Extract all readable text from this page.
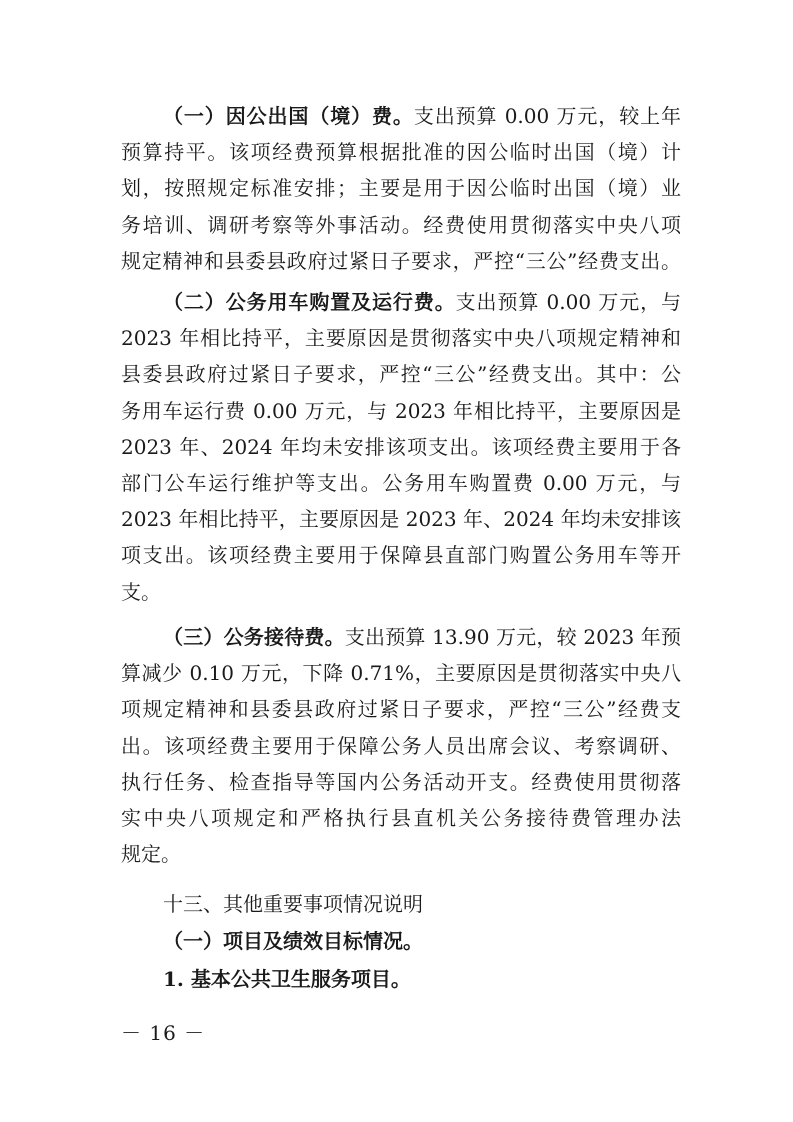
（一）因公出国（境）费。支出预算 0.00 万元，较上年
预算持平。该项经费预算根据批准的因公临时出国（境）计
划，按照规定标准安排；主要是用于因公临时出国（境）业
务培训、调研考察等外事活动。经费使用贯彻落实中央八项
规定精神和县委县政府过紧日子要求，严控“三公”经费支出。
（二）公务用车购置及运行费。支出预算 0.00 万元，与
2023 年相比持平，主要原因是贯彻落实中央八项规定精神和
县委县政府过紧日子要求，严控“三公”经费支出。其中：公
务用车运行费 0.00 万元，与 2023 年相比持平，主要原因是
2023 年、2024 年均未安排该项支出。该项经费主要用于各
部门公车运行维护等支出。公务用车购置费 0.00 万元，与
2023 年相比持平，主要原因是 2023 年、2024 年均未安排该
项支出。该项经费主要用于保障县直部门购置公务用车等开
支。
（三）公务接待费。支出预算 13.90 万元，较 2023 年预
算减少 0.10 万元，下降 0.71%，主要原因是贯彻落实中央八
项规定精神和县委县政府过紧日子要求，严控“三公”经费支
出。该项经费主要用于保障公务人员出席会议、考察调研、
执行任务、检查指导等国内公务活动开支。经费使用贯彻落
实中央八项规定和严格执行县直机关公务接待费管理办法
规定。
十三、其他重要事项情况说明
（一）项目及绩效目标情况。
1. 基本公共卫生服务项目。
－ 16 －
